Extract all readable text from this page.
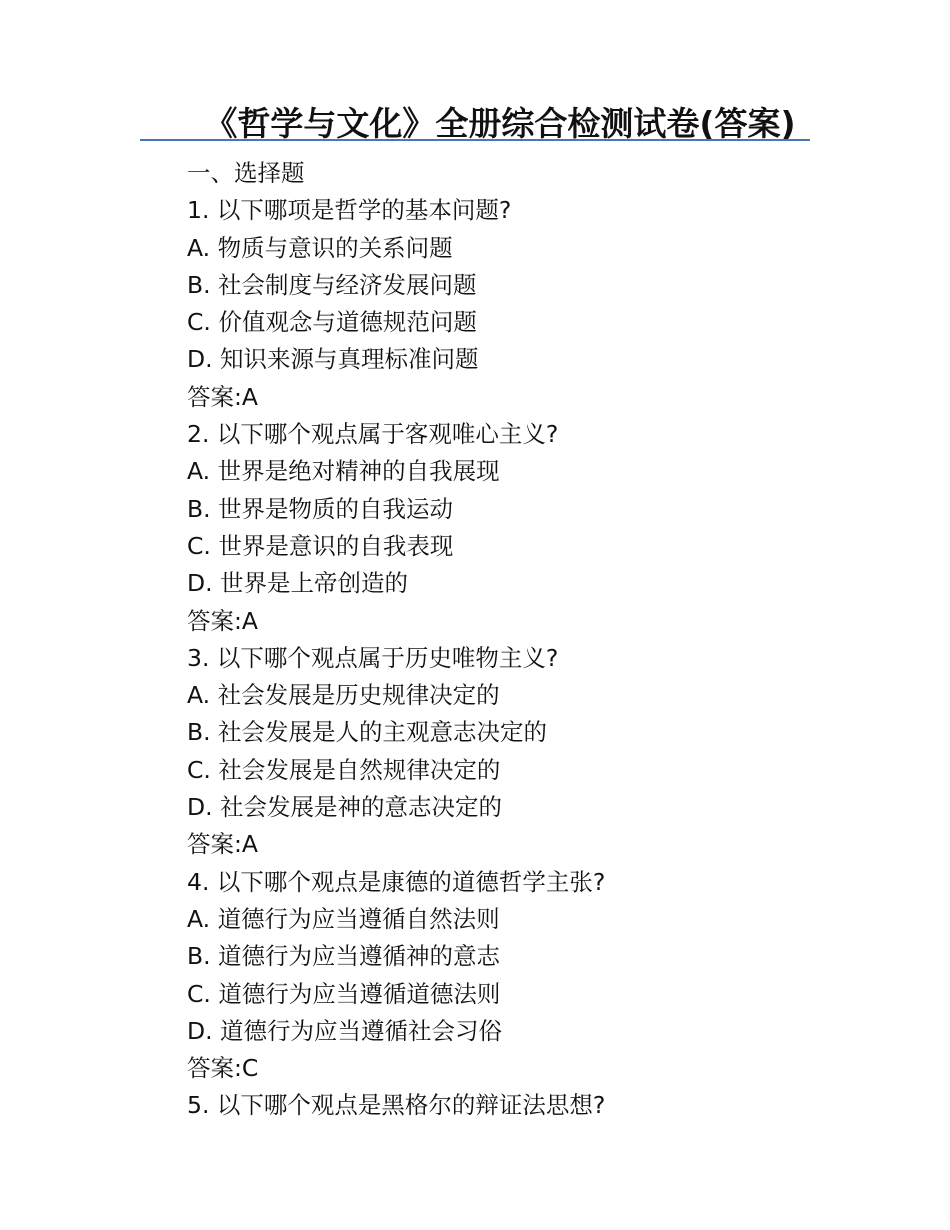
《哲学与文化》全册综合检测试卷(答案)
一、选择题
1. 以下哪项是哲学的基本问题?
A. 物质与意识的关系问题
B. 社会制度与经济发展问题
C. 价值观念与道德规范问题
D. 知识来源与真理标准问题
答案:A
2. 以下哪个观点属于客观唯心主义?
A. 世界是绝对精神的自我展现
B. 世界是物质的自我运动
C. 世界是意识的自我表现
D. 世界是上帝创造的
答案:A
3. 以下哪个观点属于历史唯物主义?
A. 社会发展是历史规律决定的
B. 社会发展是人的主观意志决定的
C. 社会发展是自然规律决定的
D. 社会发展是神的意志决定的
答案:A
4. 以下哪个观点是康德的道德哲学主张?
A. 道德行为应当遵循自然法则
B. 道德行为应当遵循神的意志
C. 道德行为应当遵循道德法则
D. 道德行为应当遵循社会习俗
答案:C
5. 以下哪个观点是黑格尔的辩证法思想?
